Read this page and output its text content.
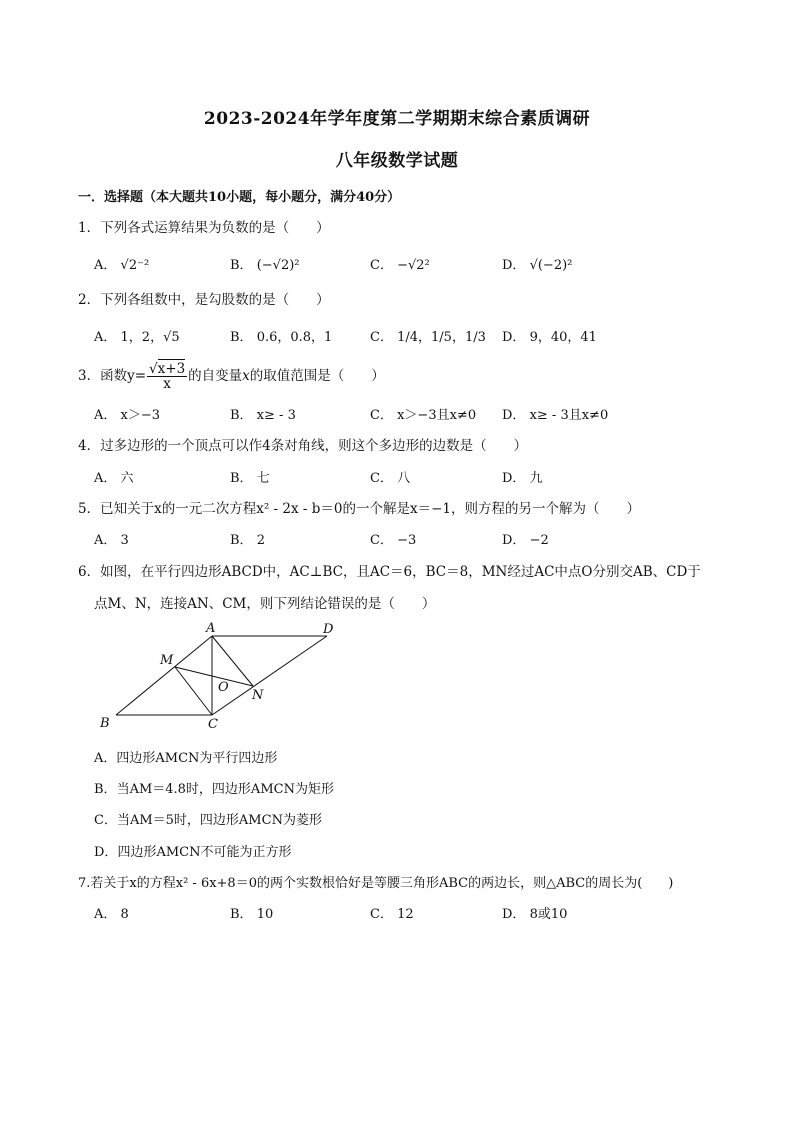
2023-2024年学年度第二学期期末综合素质调研
八年级数学试题
一．选择题（本大题共10小题，每小题分，满分40分）
1．下列各式运算结果为负数的是（　　）
A． √2⁻²	B． (−√2)²	C． −√2²	D． √(−2)²
2．下列各组数中，是勾股数的是（　　）
A． 1，2，√5	B． 0.6，0.8，1	C． 1/4，1/5，1/3 D． 9，40，41
3．函数$y= \frac{√x+3}{x}$ 的自变量x的取值范围是（　　）
A． x＞−3	B． x≥ - 3	C． x＞−3且x≠0 D． x≥ - 3且x≠0
4．过多边形的一个顶点可以作4条对角线，则这个多边形的边数是（　　）
A． 六	B． 七	C． 八	D． 九
5．已知关于x的一元二次方程x² - 2x - b＝0的一个解是x＝−1，则方程的另一个解为（　　）
A． 3	B． 2	C． −3	D． −2
6．如图，在平行四边形ABCD中，AC⊥BC，且AC＝6，BC＝8，MN经过AC中点O分别交AB、CD于
点M、N，连接AN、CM，则下列结论错误的是（　　）
A	D
M
O
N
B	C
A．四边形AMCN为平行四边形
B．当AM＝4.8时，四边形AMCN为矩形
C．当AM＝5时，四边形AMCN为菱形
D．四边形AMCN不可能为正方形
7.若关于x的方程x² - 6x+8＝0的两个实数根恰好是等腰三角形ABC的两边长，则△ABC的周长为(　　)
A． 8	B． 10	C． 12	D． 8或10
